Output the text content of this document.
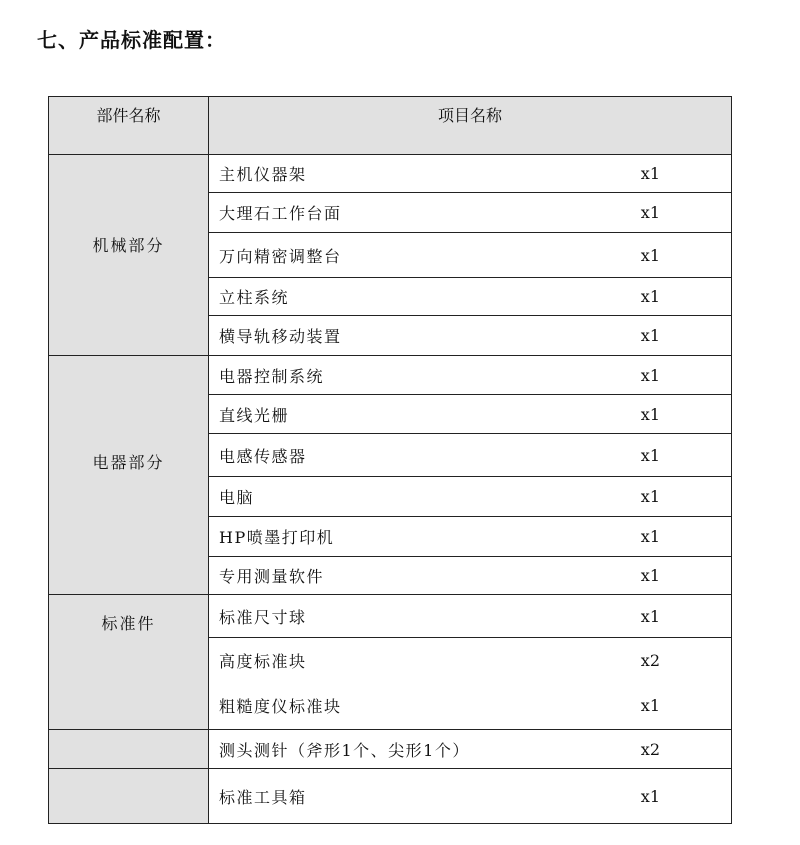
七、产品标准配置：
部件名称	项目名称

机械部分	主机仪器架 x1

	大理石工作台面 x1

	万向精密调整台 x1

	立柱系统 x1

	横导轨移动装置 x1

电器部分	电器控制系统 x1

	直线光栅 x1

	电感传感器 x1

	电脑 x1

	HP喷墨打印机 x1

	专用测量软件 x1

标准件	标准尺寸球 x1

	高度标准块 x2

	粗糙度仪标准块 x1

	测头测针（斧形1个、尖形1个） x2

	标准工具箱 x1
